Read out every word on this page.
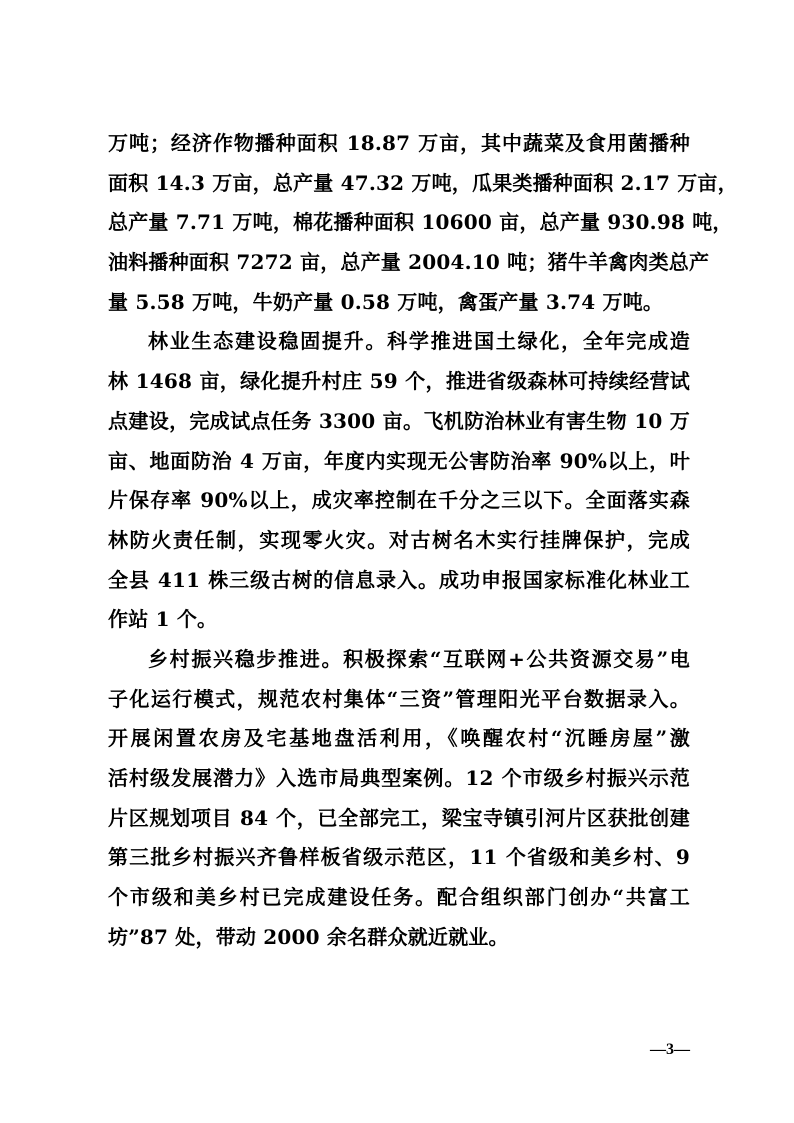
万吨；经济作物播种面积 18.87 万亩，其中蔬菜及食用菌播种
面积 14.3 万亩，总产量 47.32 万吨，瓜果类播种面积 2.17 万亩，
总产量 7.71 万吨，棉花播种面积 10600 亩，总产量 930.98 吨，
油料播种面积 7272 亩，总产量 2004.10 吨；猪牛羊禽肉类总产
量 5.58 万吨，牛奶产量 0.58 万吨，禽蛋产量 3.74 万吨。
林业生态建设稳固提升。科学推进国土绿化，全年完成造
林 1468 亩，绿化提升村庄 59 个，推进省级森林可持续经营试
点建设，完成试点任务 3300 亩。飞机防治林业有害生物 10 万
亩、地面防治 4 万亩，年度内实现无公害防治率 90%以上，叶
片保存率 90%以上，成灾率控制在千分之三以下。全面落实森
林防火责任制，实现零火灾。对古树名木实行挂牌保护，完成
全县 411 株三级古树的信息录入。成功申报国家标准化林业工
作站 1 个。
乡村振兴稳步推进。积极探索“互联网+公共资源交易”电
子化运行模式，规范农村集体“三资”管理阳光平台数据录入。
开展闲置农房及宅基地盘活利用，《唤醒农村“沉睡房屋”激
活村级发展潜力》入选市局典型案例。12 个市级乡村振兴示范
片区规划项目 84 个，已全部完工，梁宝寺镇引河片区获批创建
第三批乡村振兴齐鲁样板省级示范区，11 个省级和美乡村、9
个市级和美乡村已完成建设任务。配合组织部门创办“共富工
坊”87 处，带动 2000 余名群众就近就业。
—3—
